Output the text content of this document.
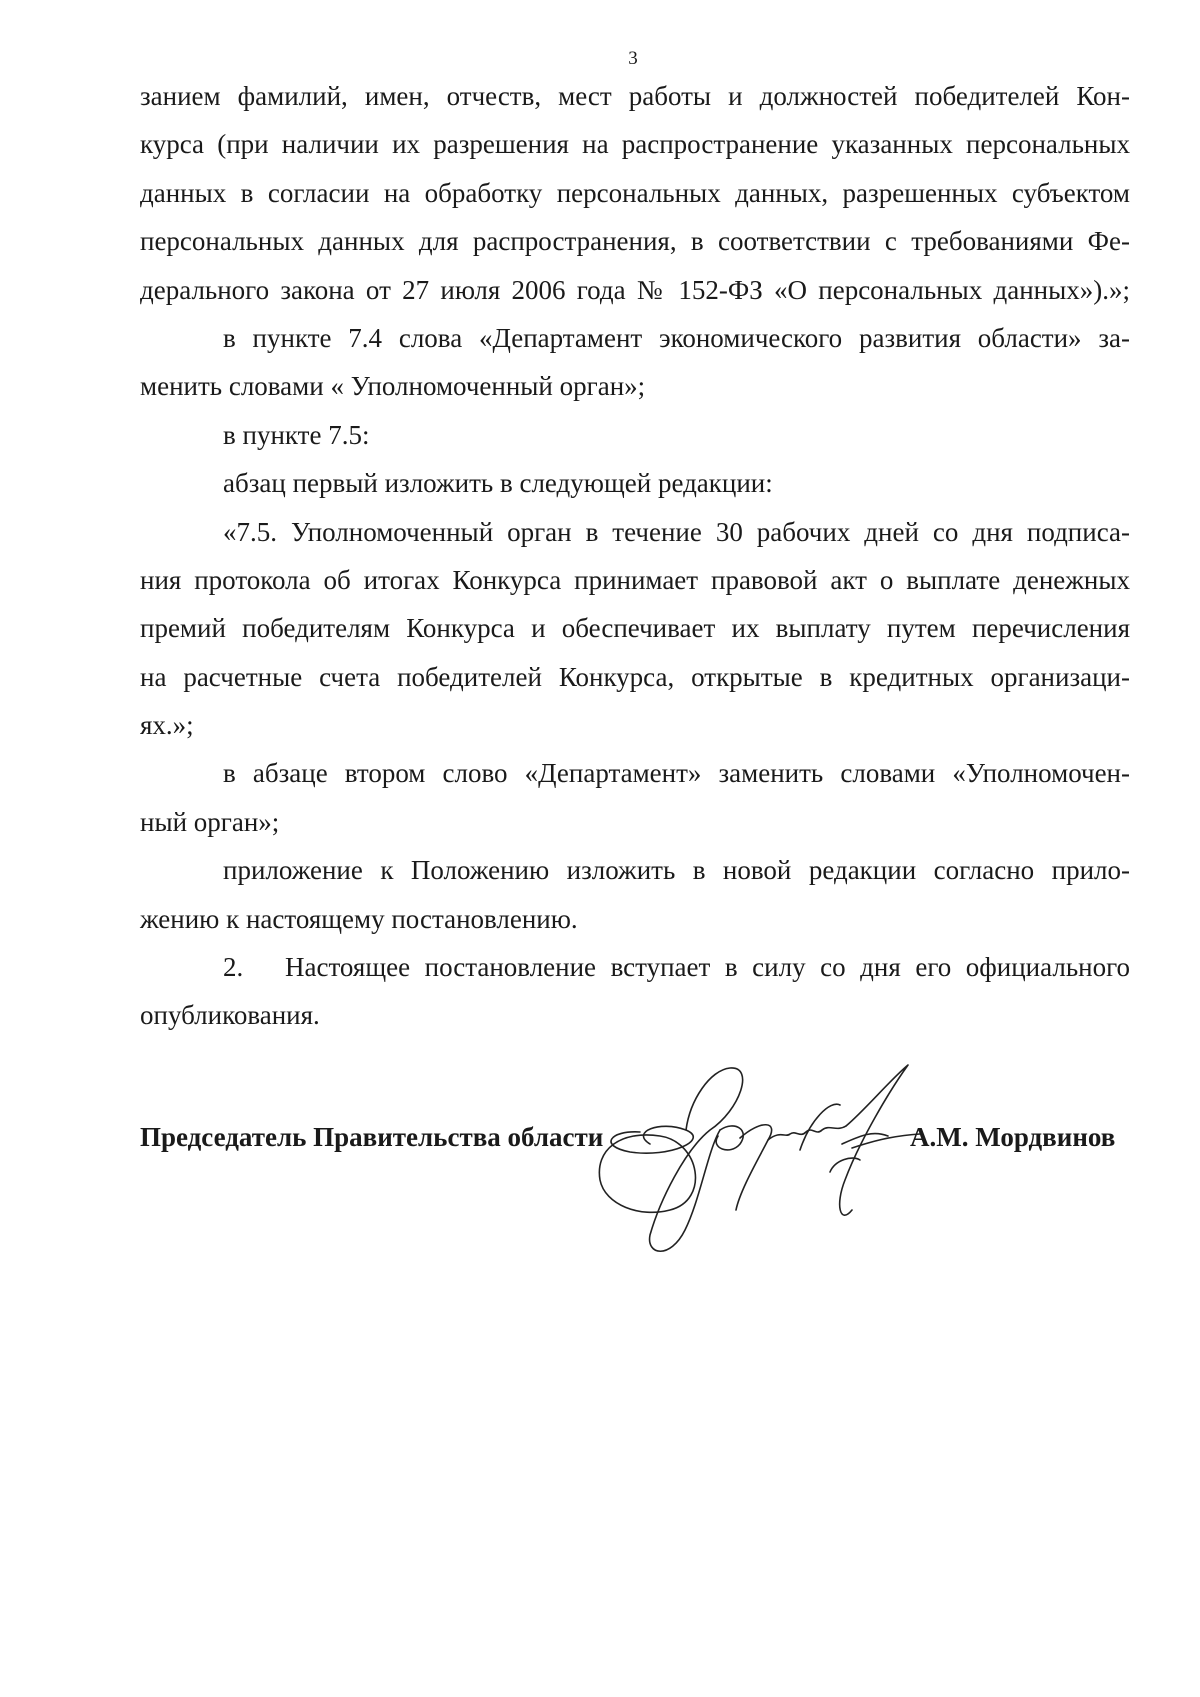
3
занием фамилий, имен, отчеств, мест работы и должностей победителей Кон-
курса (при наличии их разрешения на распространение указанных персональных
данных в согласии на обработку персональных данных, разрешенных субъектом
персональных данных для распространения, в соответствии с требованиями Фе-
дерального закона от 27 июля 2006 года № 152-ФЗ «О персональных данных»).»;
в пункте 7.4 слова «Департамент экономического развития области» за-
менить словами « Уполномоченный орган»;
в пункте 7.5:
абзац первый изложить в следующей редакции:
«7.5. Уполномоченный орган в течение 30 рабочих дней со дня подписа-
ния протокола об итогах Конкурса принимает правовой акт о выплате денежных
премий победителям Конкурса и обеспечивает их выплату путем перечисления
на расчетные счета победителей Конкурса, открытые в кредитных организаци-
ях.»;
в абзаце втором слово «Департамент» заменить словами «Уполномочен-
ный орган»;
приложение к Положению изложить в новой редакции согласно прило-
жению к настоящему постановлению.
2. Настоящее постановление вступает в силу со дня его официального
опубликования.
Председатель Правительства области	А.М. Мордвинов
